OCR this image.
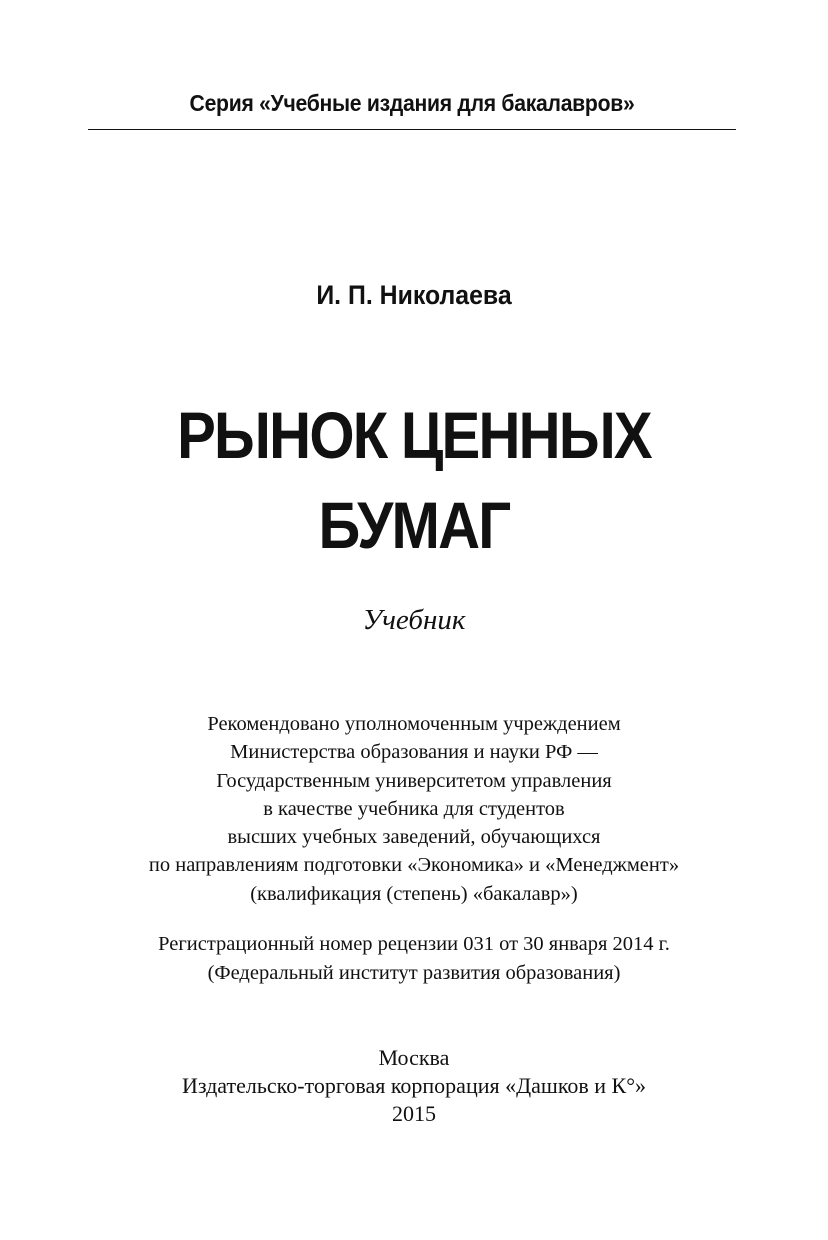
Серия «Учебные издания для бакалавров»
И. П. Николаева
РЫНОК ЦЕННЫХ
БУМАГ
Учебник
Рекомендовано уполномоченным учреждением
Министерства образования и науки РФ —
Государственным университетом управления
в качестве учебника для студентов
высших учебных заведений, обучающихся
по направлениям подготовки «Экономика» и «Менеджмент»
(квалификация (степень) «бакалавр»)
Регистрационный номер рецензии 031 от 30 января 2014 г.
(Федеральный институт развития образования)
Москва
Издательско-торговая корпорация «Дашков и К°»
2015
